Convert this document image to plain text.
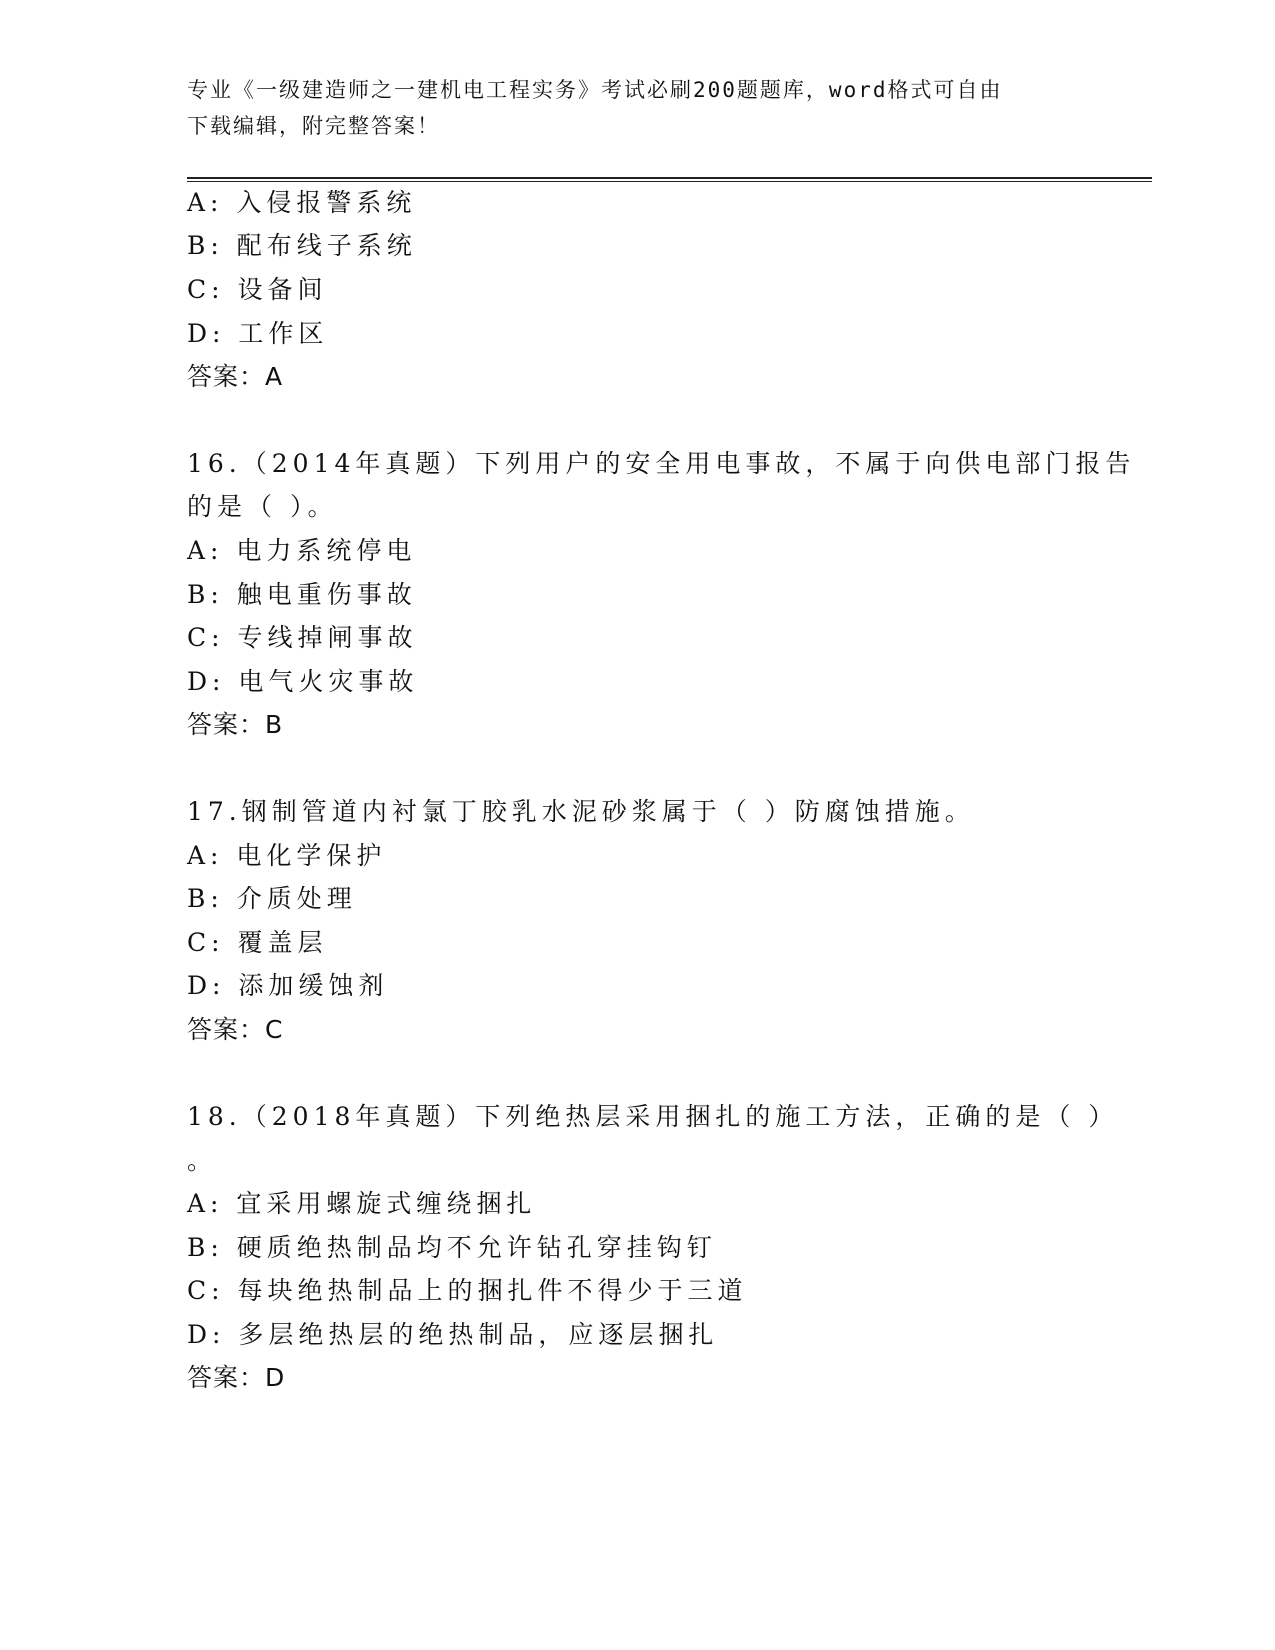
专业《一级建造师之一建机电工程实务》考试必刷200题题库，word格式可自由
下载编辑，附完整答案！
A: 入侵报警系统
B: 配布线子系统
C: 设备间
D: 工作区
答案：A
16.（2014年真题）下列用户的安全用电事故，不属于向供电部门报告
的是（ ）。
A: 电力系统停电
B: 触电重伤事故
C: 专线掉闸事故
D: 电气火灾事故
答案：B
17.钢制管道内衬氯丁胶乳水泥砂浆属于（ ）防腐蚀措施。
A: 电化学保护
B: 介质处理
C: 覆盖层
D: 添加缓蚀剂
答案：C
18.（2018年真题）下列绝热层采用捆扎的施工方法，正确的是（ ）
。
A: 宜采用螺旋式缠绕捆扎
B: 硬质绝热制品均不允许钻孔穿挂钩钉
C: 每块绝热制品上的捆扎件不得少于三道
D: 多层绝热层的绝热制品，应逐层捆扎
答案：D
